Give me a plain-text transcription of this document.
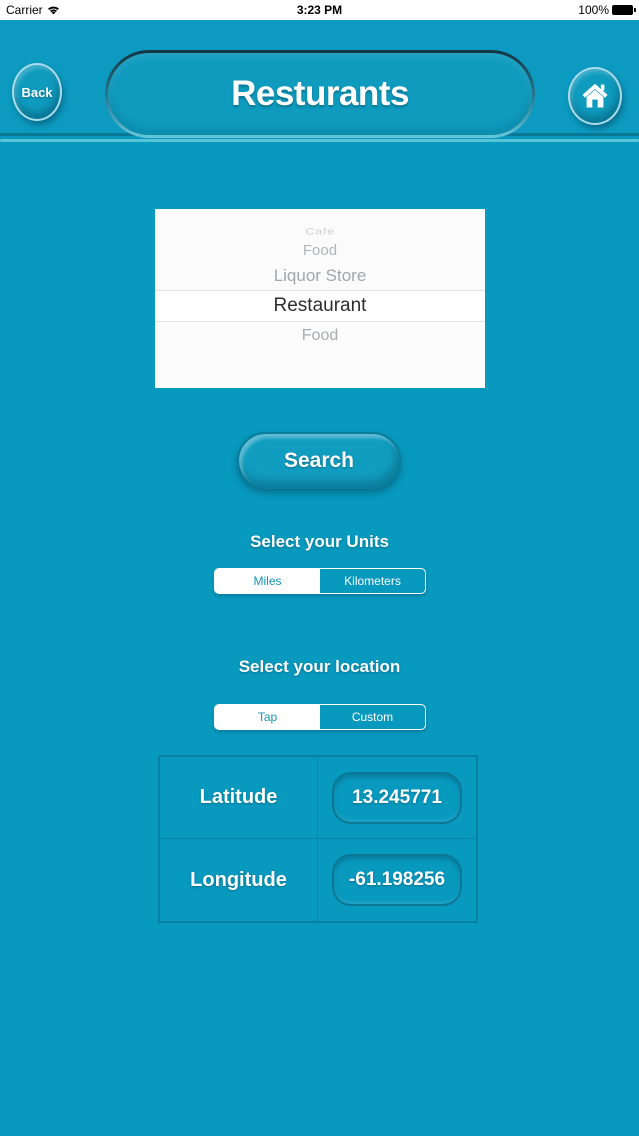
Carrier	3:23 PM	100%
Back	Resturants
Cafe
Food
Liquor Store
Restaurant
Food
Search
Select your Units
Miles	Kilometers
Select your location
Tap	Custom
Latitude	13.245771
Longitude	-61.198256
